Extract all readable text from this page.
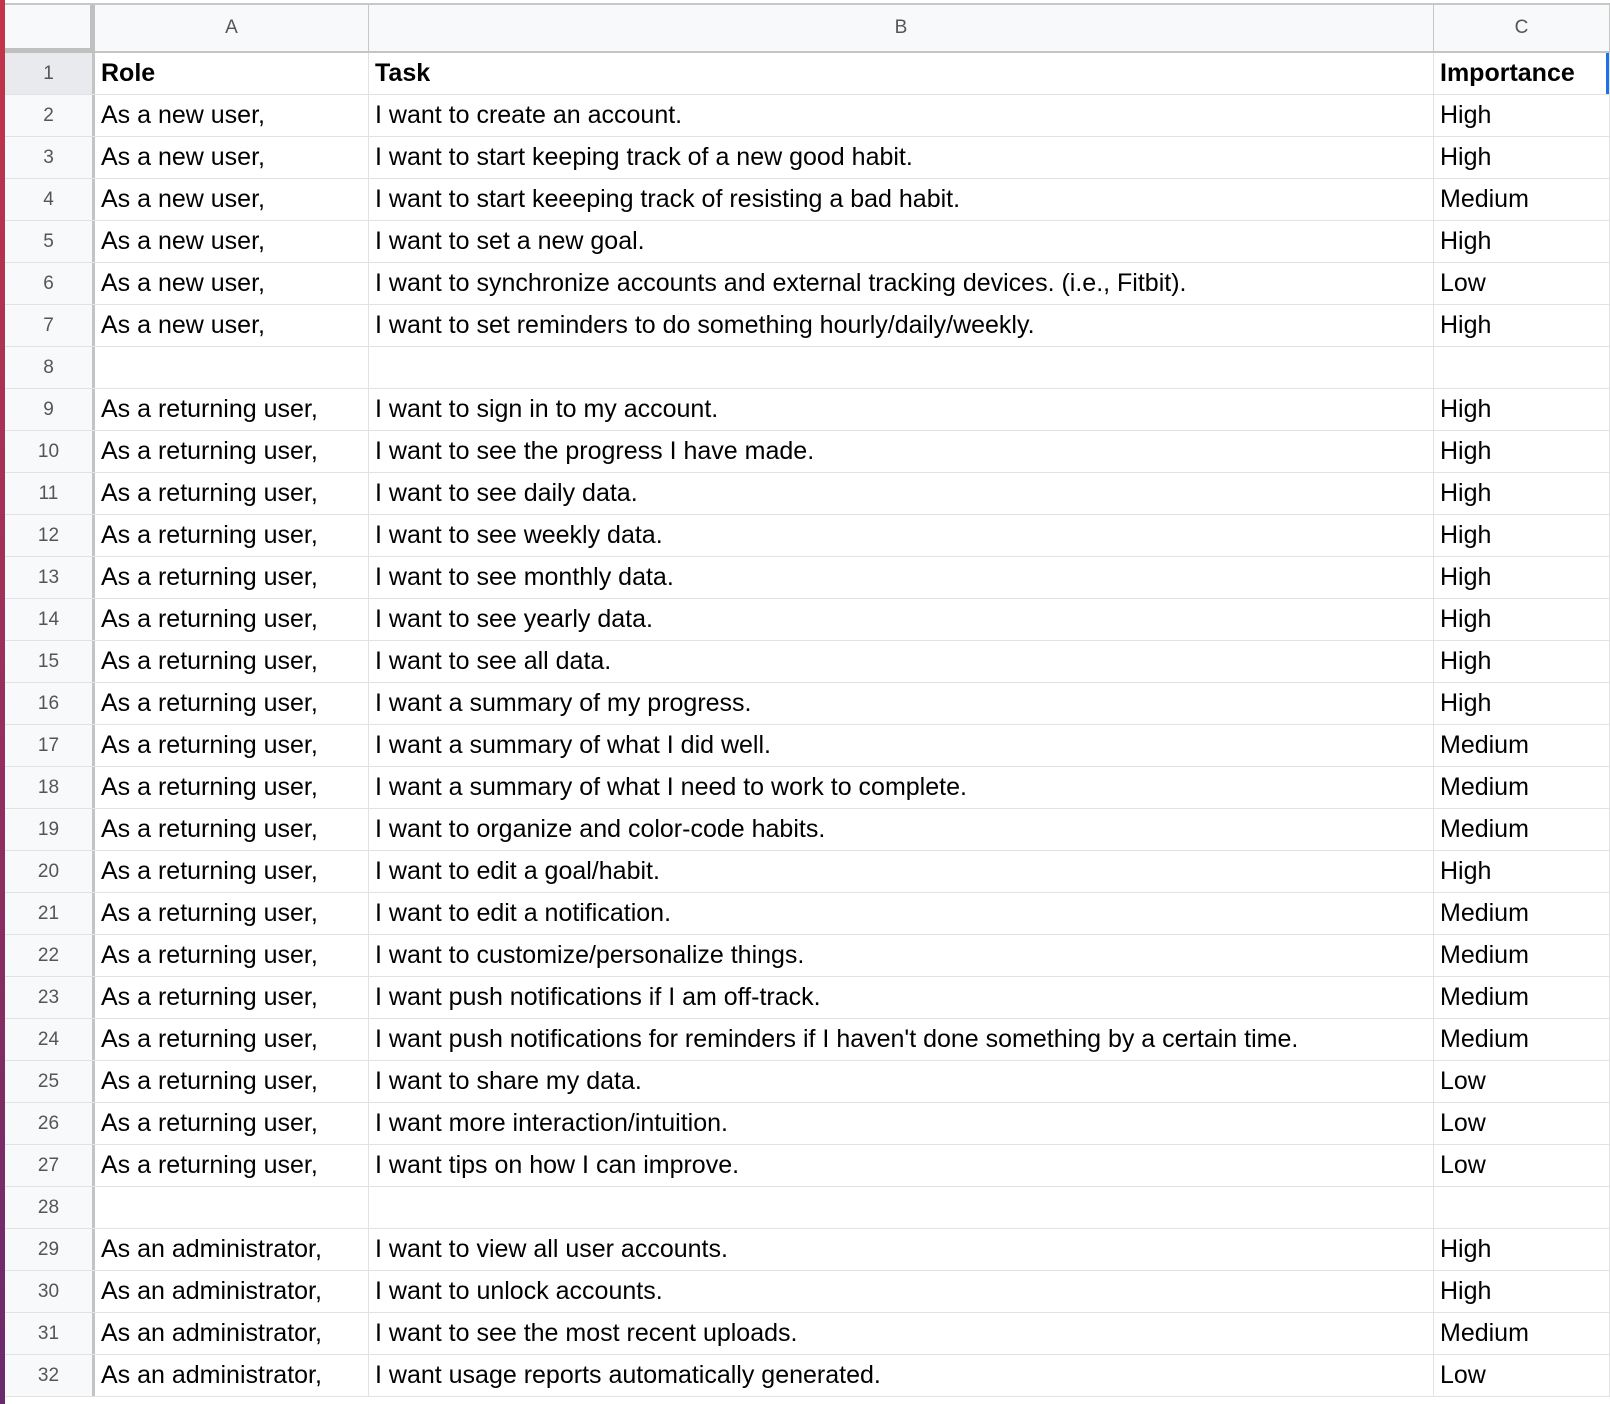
A	B	C
1	Role	Task	Importance
2	As a new user,	I want to create an account.	High
3	As a new user,	I want to start keeping track of a new good habit.	High
4	As a new user,	I want to start keeeping track of resisting a bad habit.	Medium
5	As a new user,	I want to set a new goal.	High
6	As a new user,	I want to synchronize accounts and external tracking devices. (i.e., Fitbit).	Low
7	As a new user,	I want to set reminders to do something hourly/daily/weekly.	High
8
9	As a returning user,	I want to sign in to my account.	High
10	As a returning user,	I want to see the progress I have made.	High
11	As a returning user,	I want to see daily data.	High
12	As a returning user,	I want to see weekly data.	High
13	As a returning user,	I want to see monthly data.	High
14	As a returning user,	I want to see yearly data.	High
15	As a returning user,	I want to see all data.	High
16	As a returning user,	I want a summary of my progress.	High
17	As a returning user,	I want a summary of what I did well.	Medium
18	As a returning user,	I want a summary of what I need to work to complete.	Medium
19	As a returning user,	I want to organize and color-code habits.	Medium
20	As a returning user,	I want to edit a goal/habit.	High
21	As a returning user,	I want to edit a notification.	Medium
22	As a returning user,	I want to customize/personalize things.	Medium
23	As a returning user,	I want push notifications if I am off-track.	Medium
24	As a returning user,	I want push notifications for reminders if I haven't done something by a certain time.	Medium
25	As a returning user,	I want to share my data.	Low
26	As a returning user,	I want more interaction/intuition.	Low
27	As a returning user,	I want tips on how I can improve.	Low
28
29	As an administrator,	I want to view all user accounts.	High
30	As an administrator,	I want to unlock accounts.	High
31	As an administrator,	I want to see the most recent uploads.	Medium
32	As an administrator,	I want usage reports automatically generated.	Low
